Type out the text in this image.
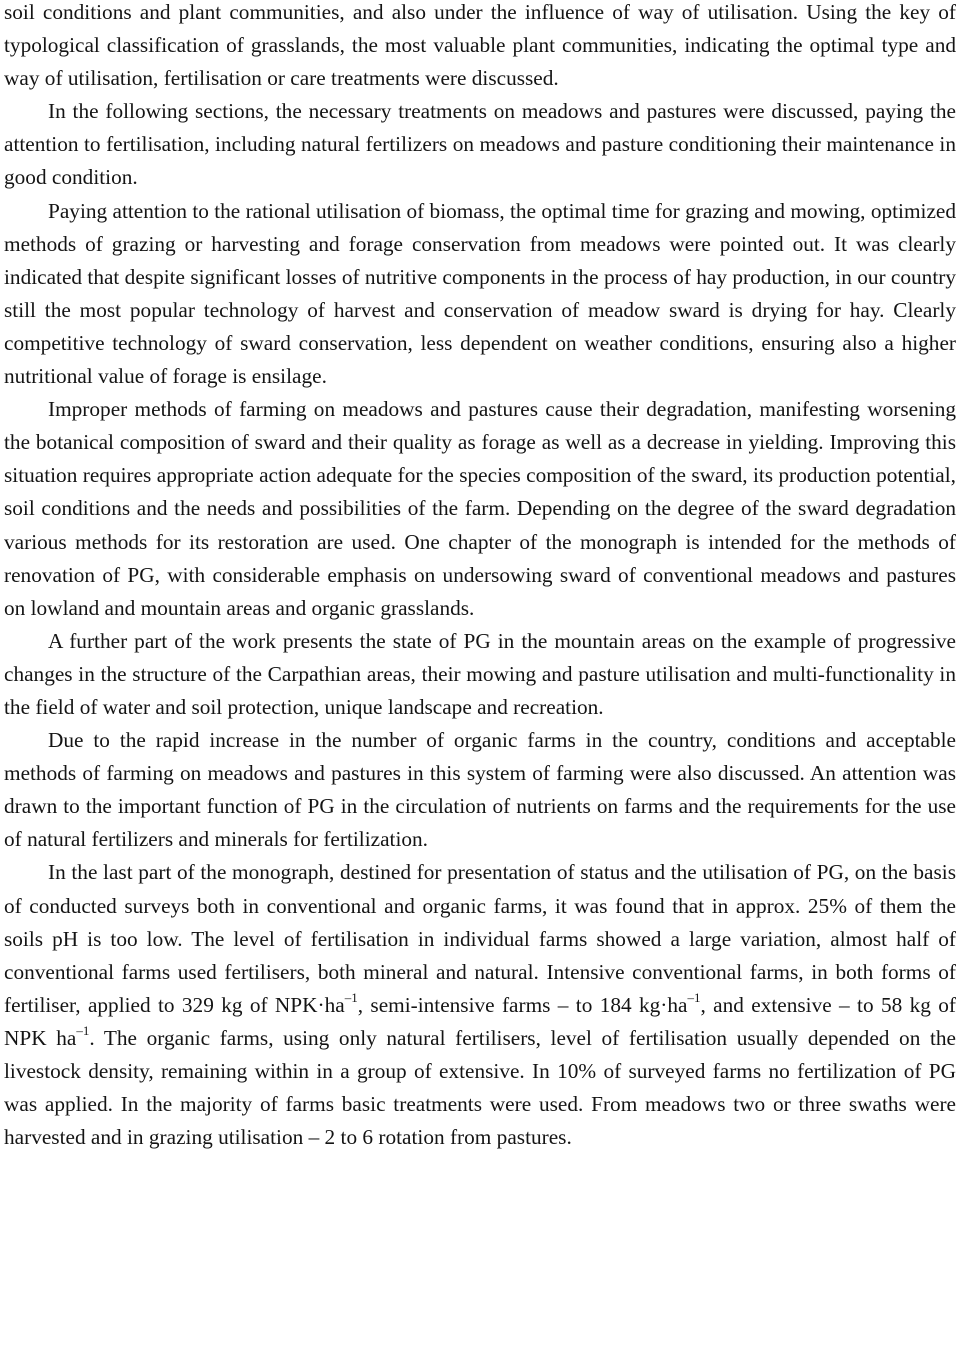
soil conditions and plant communities, and also under the influence of way of utilisation. Using the key of typological classification of grasslands, the most valuable plant communities, indicating the optimal type and way of utilisation, fertilisation or care treatments were discussed.

In the following sections, the necessary treatments on meadows and pastures were discussed, paying the attention to fertilisation, including natural fertilizers on meadows and pasture conditioning their maintenance in good condition.

Paying attention to the rational utilisation of biomass, the optimal time for grazing and mowing, optimized methods of grazing or harvesting and forage conservation from meadows were pointed out. It was clearly indicated that despite significant losses of nutritive components in the process of hay production, in our country still the most popular technology of harvest and conservation of meadow sward is drying for hay. Clearly competitive technology of sward conservation, less dependent on weather conditions, ensuring also a higher nutritional value of forage is ensilage.

Improper methods of farming on meadows and pastures cause their degradation, manifesting worsening the botanical composition of sward and their quality as forage as well as a decrease in yielding. Improving this situation requires appropriate action adequate for the species composition of the sward, its production potential, soil conditions and the needs and possibilities of the farm. Depending on the degree of the sward degradation various methods for its restoration are used. One chapter of the monograph is intended for the methods of renovation of PG, with considerable emphasis on undersowing sward of conventional meadows and pastures on lowland and mountain areas and organic grasslands.

A further part of the work presents the state of PG in the mountain areas on the example of progressive changes in the structure of the Carpathian areas, their mowing and pasture utilisation and multi-functionality in the field of water and soil protection, unique landscape and recreation.

Due to the rapid increase in the number of organic farms in the country, conditions and acceptable methods of farming on meadows and pastures in this system of farming were also discussed. An attention was drawn to the important function of PG in the circulation of nutrients on farms and the requirements for the use of natural fertilizers and minerals for fertilization.

In the last part of the monograph, destined for presentation of status and the utilisation of PG, on the basis of conducted surveys both in conventional and organic farms, it was found that in approx. 25% of them the soils pH is too low. The level of fertilisation in individual farms showed a large variation, almost half of conventional farms used fertilisers, both mineral and natural. Intensive conventional farms, in both forms of fertiliser, applied to 329 kg of $NPK\cdot ha^{-1}$, semi-intensive farms – to 184 $kg\cdot ha^{-1}$, and extensive – to 58 kg of NPK $ha^{-1}$. The organic farms, using only natural fertilisers, level of fertilisation usually depended on the livestock density, remaining within in a group of extensive. In 10% of surveyed farms no fertilization of PG was applied. In the majority of farms basic treatments were used. From meadows two or three swaths were harvested and in grazing utilisation – 2 to 6 rotation from pastures.
